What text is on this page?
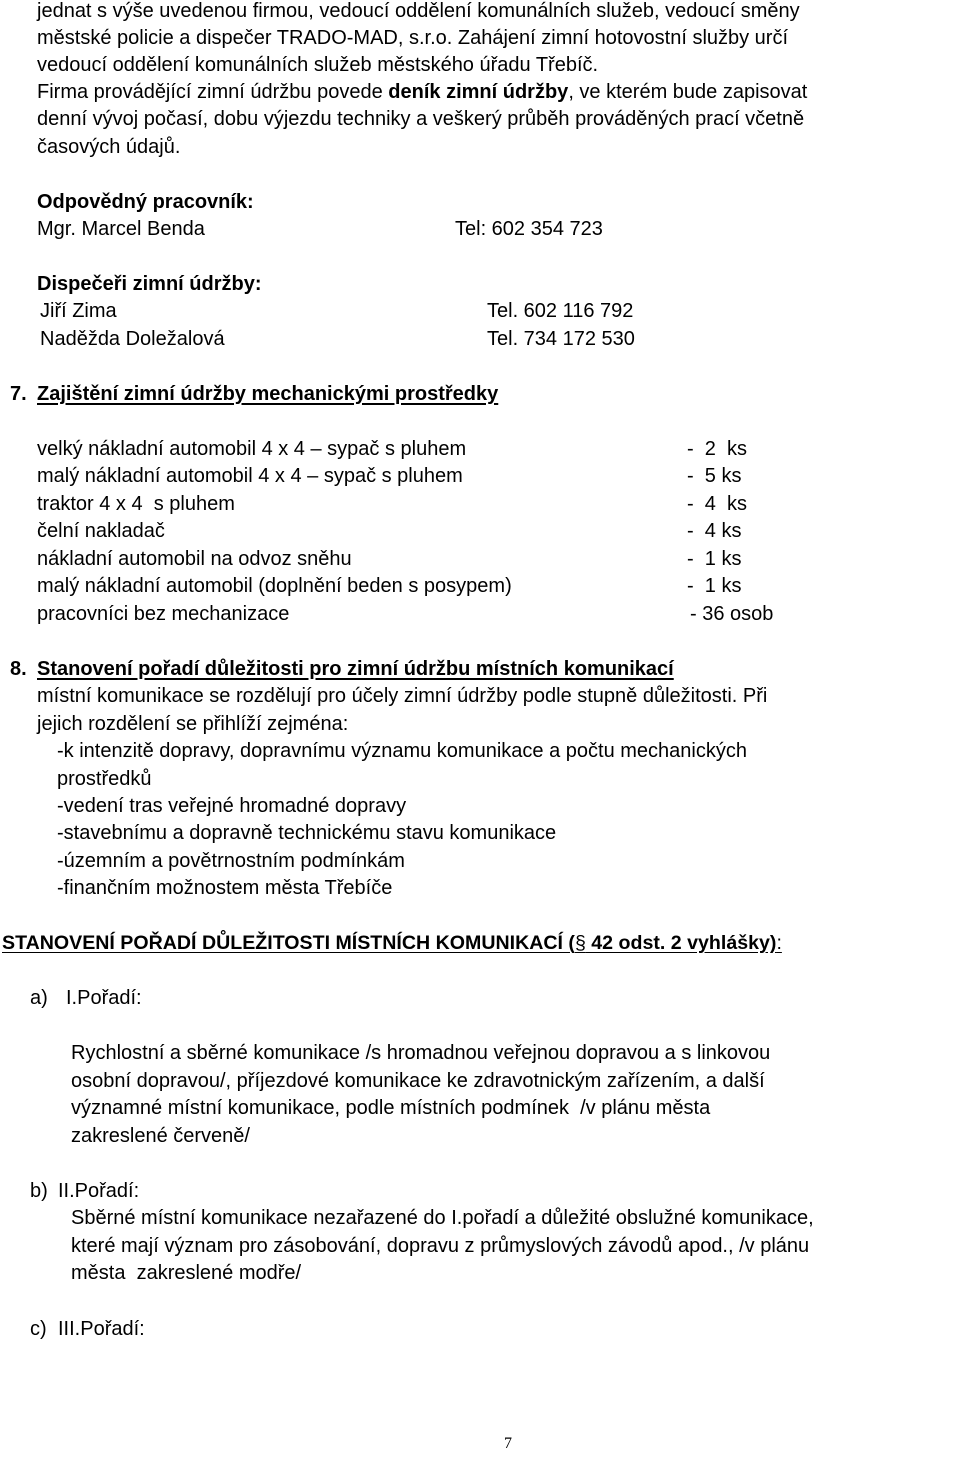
jednat s výše uvedenou firmou, vedoucí oddělení komunálních služeb, vedoucí směny
městské policie a dispečer TRADO-MAD, s.r.o. Zahájení zimní hotovostní služby určí
vedoucí oddělení komunálních služeb městského úřadu Třebíč.
Firma provádějící zimní údržbu povede deník zimní údržby, ve kterém bude zapisovat
denní vývoj počasí, dobu výjezdu techniky a veškerý průběh prováděných prací včetně
časových údajů.
Odpovědný pracovník:
Mgr. Marcel Benda	Tel: 602 354 723
Dispečeři zimní údržby:
Jiří Zima	Tel. 602 116 792
Naděžda Doležalová	Tel. 734 172 530
7. Zajištění zimní údržby mechanickými prostředky
velký nákladní automobil 4 x 4 – sypač s pluhem	-  2  ks
malý nákladní automobil 4 x 4 – sypač s pluhem	-  5 ks
traktor 4 x 4  s pluhem	-  4  ks
čelní nakladač	-  4 ks
nákladní automobil na odvoz sněhu	-  1 ks
malý nákladní automobil (doplnění beden s posypem)	-  1 ks
pracovníci bez mechanizace	- 36 osob
8. Stanovení pořadí důležitosti pro zimní údržbu místních komunikací
místní komunikace se rozdělují pro účely zimní údržby podle stupně důležitosti. Při
jejich rozdělení se přihlíží zejména:
-k intenzitě dopravy, dopravnímu významu komunikace a počtu mechanických
prostředků
-vedení tras veřejné hromadné dopravy
-stavebnímu a dopravně technickému stavu komunikace
-územním a povětrnostním podmínkám
-finančním možnostem města Třebíče
STANOVENÍ POŘADÍ DŮLEŽITOSTI MÍSTNÍCH KOMUNIKACÍ (§ 42 odst. 2 vyhlášky):
a) I.Pořadí:
Rychlostní a sběrné komunikace /s hromadnou veřejnou dopravou a s linkovou
osobní dopravou/, příjezdové komunikace ke zdravotnickým zařízením, a další
významné místní komunikace, podle místních podmínek  /v plánu města
zakreslené červeně/
b) II.Pořadí:
Sběrné místní komunikace nezařazené do I.pořadí a důležité obslužné komunikace,
které mají význam pro zásobování, dopravu z průmyslových závodů apod., /v plánu
města  zakreslené modře/
c) III.Pořadí:
7
